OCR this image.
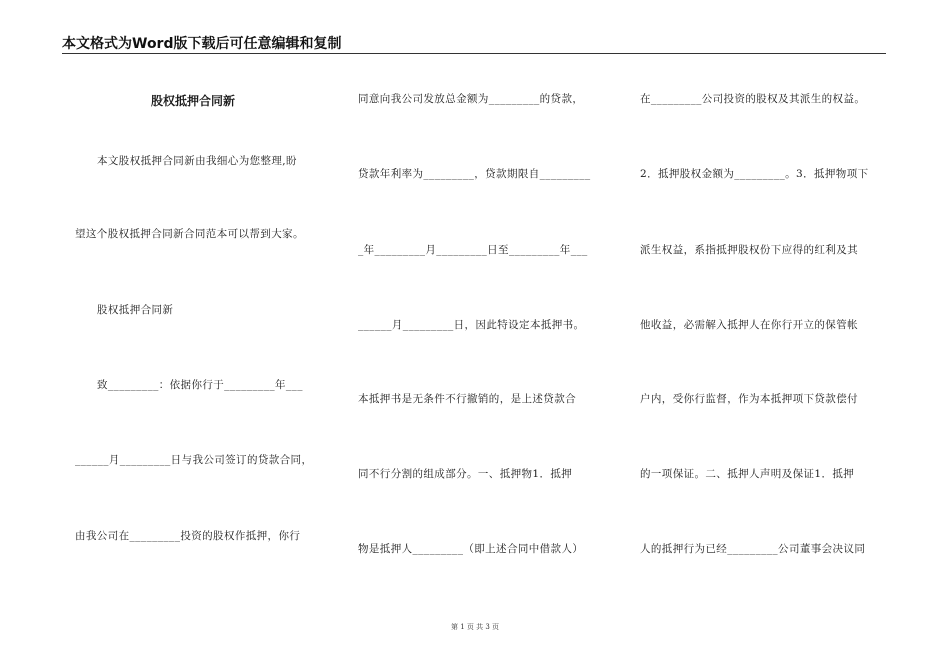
本文格式为Word版下载后可任意编辑和复制
股权抵押合同新
本文股权抵押合同新由我细心为您整理,盼
望这个股权抵押合同新合同范本可以帮到大家。
股权抵押合同新
致_________：依据你行于_________年___
______月_________日与我公司签订的贷款合同，
由我公司在_________投资的股权作抵押，你行
同意向我公司发放总金额为_________的贷款，
贷款年利率为_________，贷款期限自_________
_年_________月_________日至_________年___
______月_________日，因此特设定本抵押书。
本抵押书是无条件不行撤销的，是上述贷款合
同不行分割的组成部分。一、抵押物1．抵押
物是抵押人_________（即上述合同中借款人）
在_________公司投资的股权及其派生的权益。
2．抵押股权金额为_________。3．抵押物项下
派生权益，系指抵押股权份下应得的红利及其
他收益，必需解入抵押人在你行开立的保管帐
户内，受你行监督，作为本抵押项下贷款偿付
的一项保证。二、抵押人声明及保证1．抵押
人的抵押行为已经_________公司董事会决议同
第 1 页 共 3 页
